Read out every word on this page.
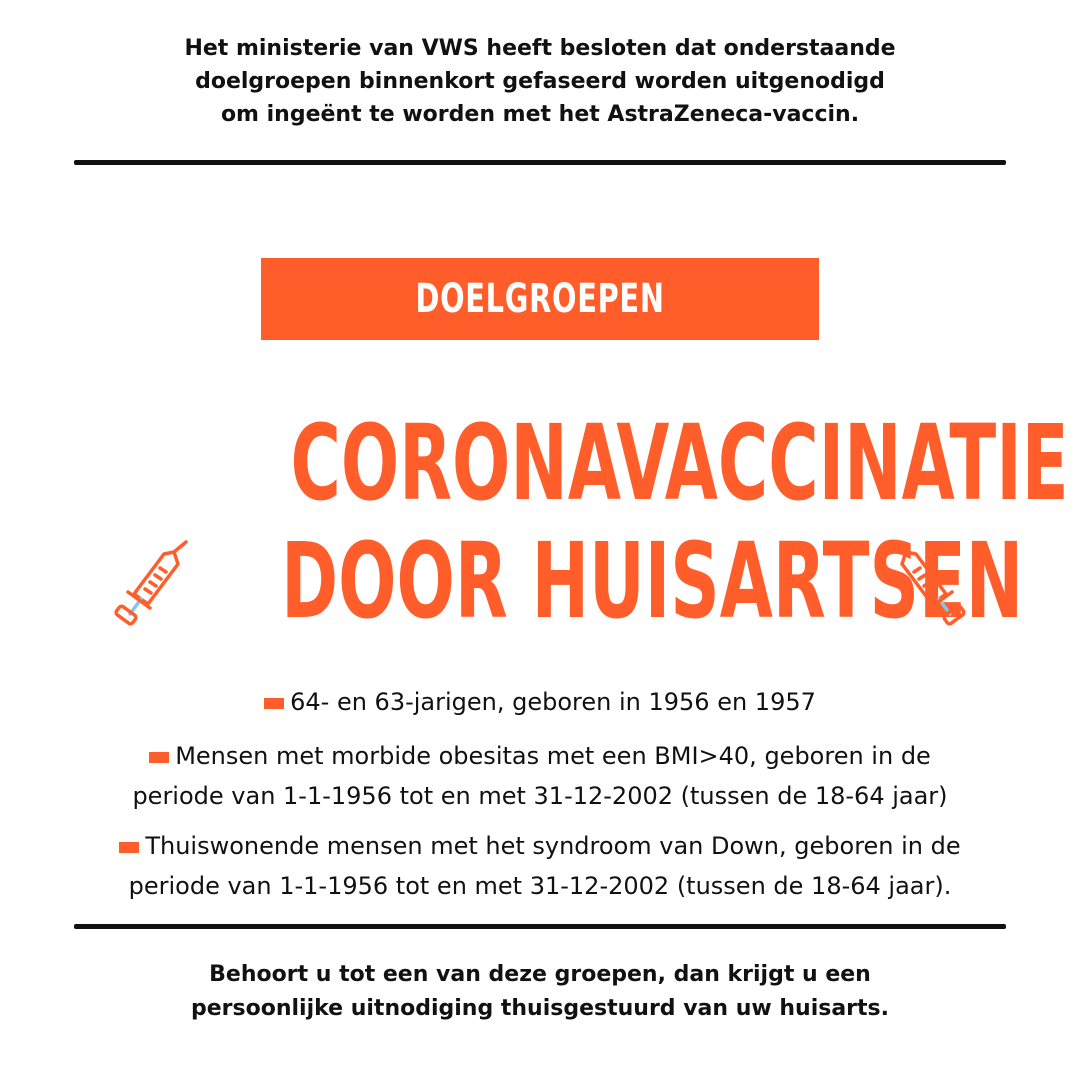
Het ministerie van VWS heeft besloten dat onderstaande
doelgroepen binnenkort gefaseerd worden uitgenodigd
om ingeënt te worden met het AstraZeneca-vaccin.
DOELGROEPEN
CORONAVACCINATIE
DOOR HUISARTSEN
64- en 63-jarigen, geboren in 1956 en 1957
Mensen met morbide obesitas met een BMI>40, geboren in de
periode van 1-1-1956 tot en met 31-12-2002 (tussen de 18-64 jaar)
Thuiswonende mensen met het syndroom van Down, geboren in de
periode van 1-1-1956 tot en met 31-12-2002 (tussen de 18-64 jaar).
Behoort u tot een van deze groepen, dan krijgt u een
persoonlijke uitnodiging thuisgestuurd van uw huisarts.
